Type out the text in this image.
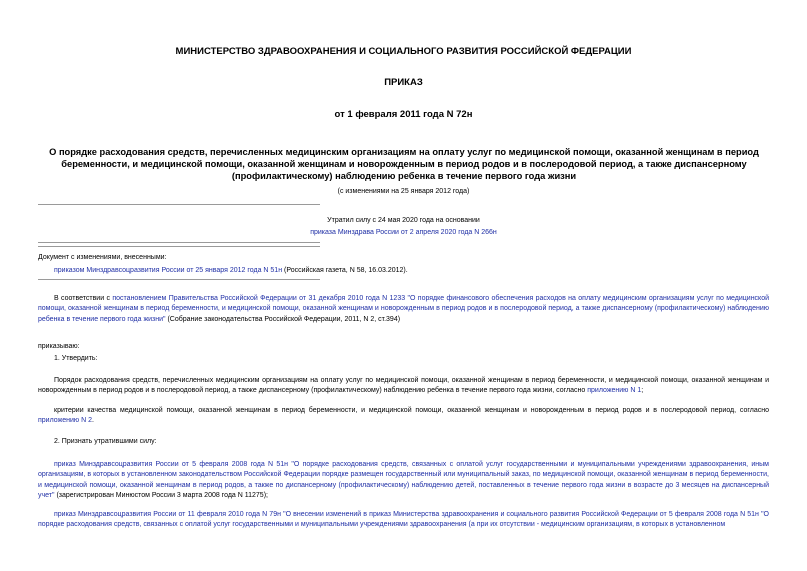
МИНИСТЕРСТВО ЗДРАВООХРАНЕНИЯ И СОЦИАЛЬНОГО РАЗВИТИЯ РОССИЙСКОЙ ФЕДЕРАЦИИ
ПРИКАЗ
от 1 февраля 2011 года N 72н
О порядке расходования средств, перечисленных медицинским организациям на оплату услуг по медицинской помощи, оказанной женщинам в период беременности, и медицинской помощи, оказанной женщинам и новорожденным в период родов и в послеродовой период, а также диспансерному (профилактическому) наблюдению ребенка в течение первого года жизни
(с изменениями на 25 января 2012 года)
Утратил силу с 24 мая 2020 года на основании
приказа Минздрава России от 2 апреля 2020 года N 266н
Документ с изменениями, внесенными:
приказом Минздравсоцразвития России от 25 января 2012 года N 51н (Российская газета, N 58, 16.03.2012).
В соответствии с постановлением Правительства Российской Федерации от 31 декабря 2010 года N 1233 "О порядке финансового обеспечения расходов на оплату медицинским организациям услуг по медицинской помощи, оказанной женщинам в период беременности, и медицинской помощи, оказанной женщинам и новорожденным в период родов и в послеродовой период, а также диспансерному (профилактическому) наблюдению ребенка в течение первого года жизни" (Собрание законодательства Российской Федерации, 2011, N 2, ст.394)
приказываю:
1. Утвердить:
Порядок расходования средств, перечисленных медицинским организациям на оплату услуг по медицинской помощи, оказанной женщинам в период беременности, и медицинской помощи, оказанной женщинам и новорожденным в период родов и в послеродовой период, а также диспансерному (профилактическому) наблюдению ребенка в течение первого года жизни, согласно приложению N 1;
критерии качества медицинской помощи, оказанной женщинам в период беременности, и медицинской помощи, оказанной женщинам и новорожденным в период родов и в послеродовой период, согласно приложению N 2.
2. Признать утратившими силу:
приказ Минздравсоцразвития России от 5 февраля 2008 года N 51н "О порядке расходования средств, связанных с оплатой услуг государственными и муниципальными учреждениями здравоохранения, иным организациям, в которых в установленном законодательством Российской Федерации порядке размещен государственный или муниципальный заказ, по медицинской помощи, оказанной женщинам в период беременности, и медицинской помощи, оказанной женщинам в период родов, а также по диспансерному (профилактическому) наблюдению детей, поставленных в течение первого года жизни в возрасте до 3 месяцев на диспансерный учет" (зарегистрирован Минюстом России 3 марта 2008 года N 11275);
приказ Минздравсоцразвития России от 11 февраля 2010 года N 79н "О внесении изменений в приказ Министерства здравоохранения и социального развития Российской Федерации от 5 февраля 2008 года N 51н "О порядке расходования средств, связанных с оплатой услуг государственными и муниципальными учреждениями здравоохранения (а при их отсутствии - медицинским организациям, в которых в установленном
